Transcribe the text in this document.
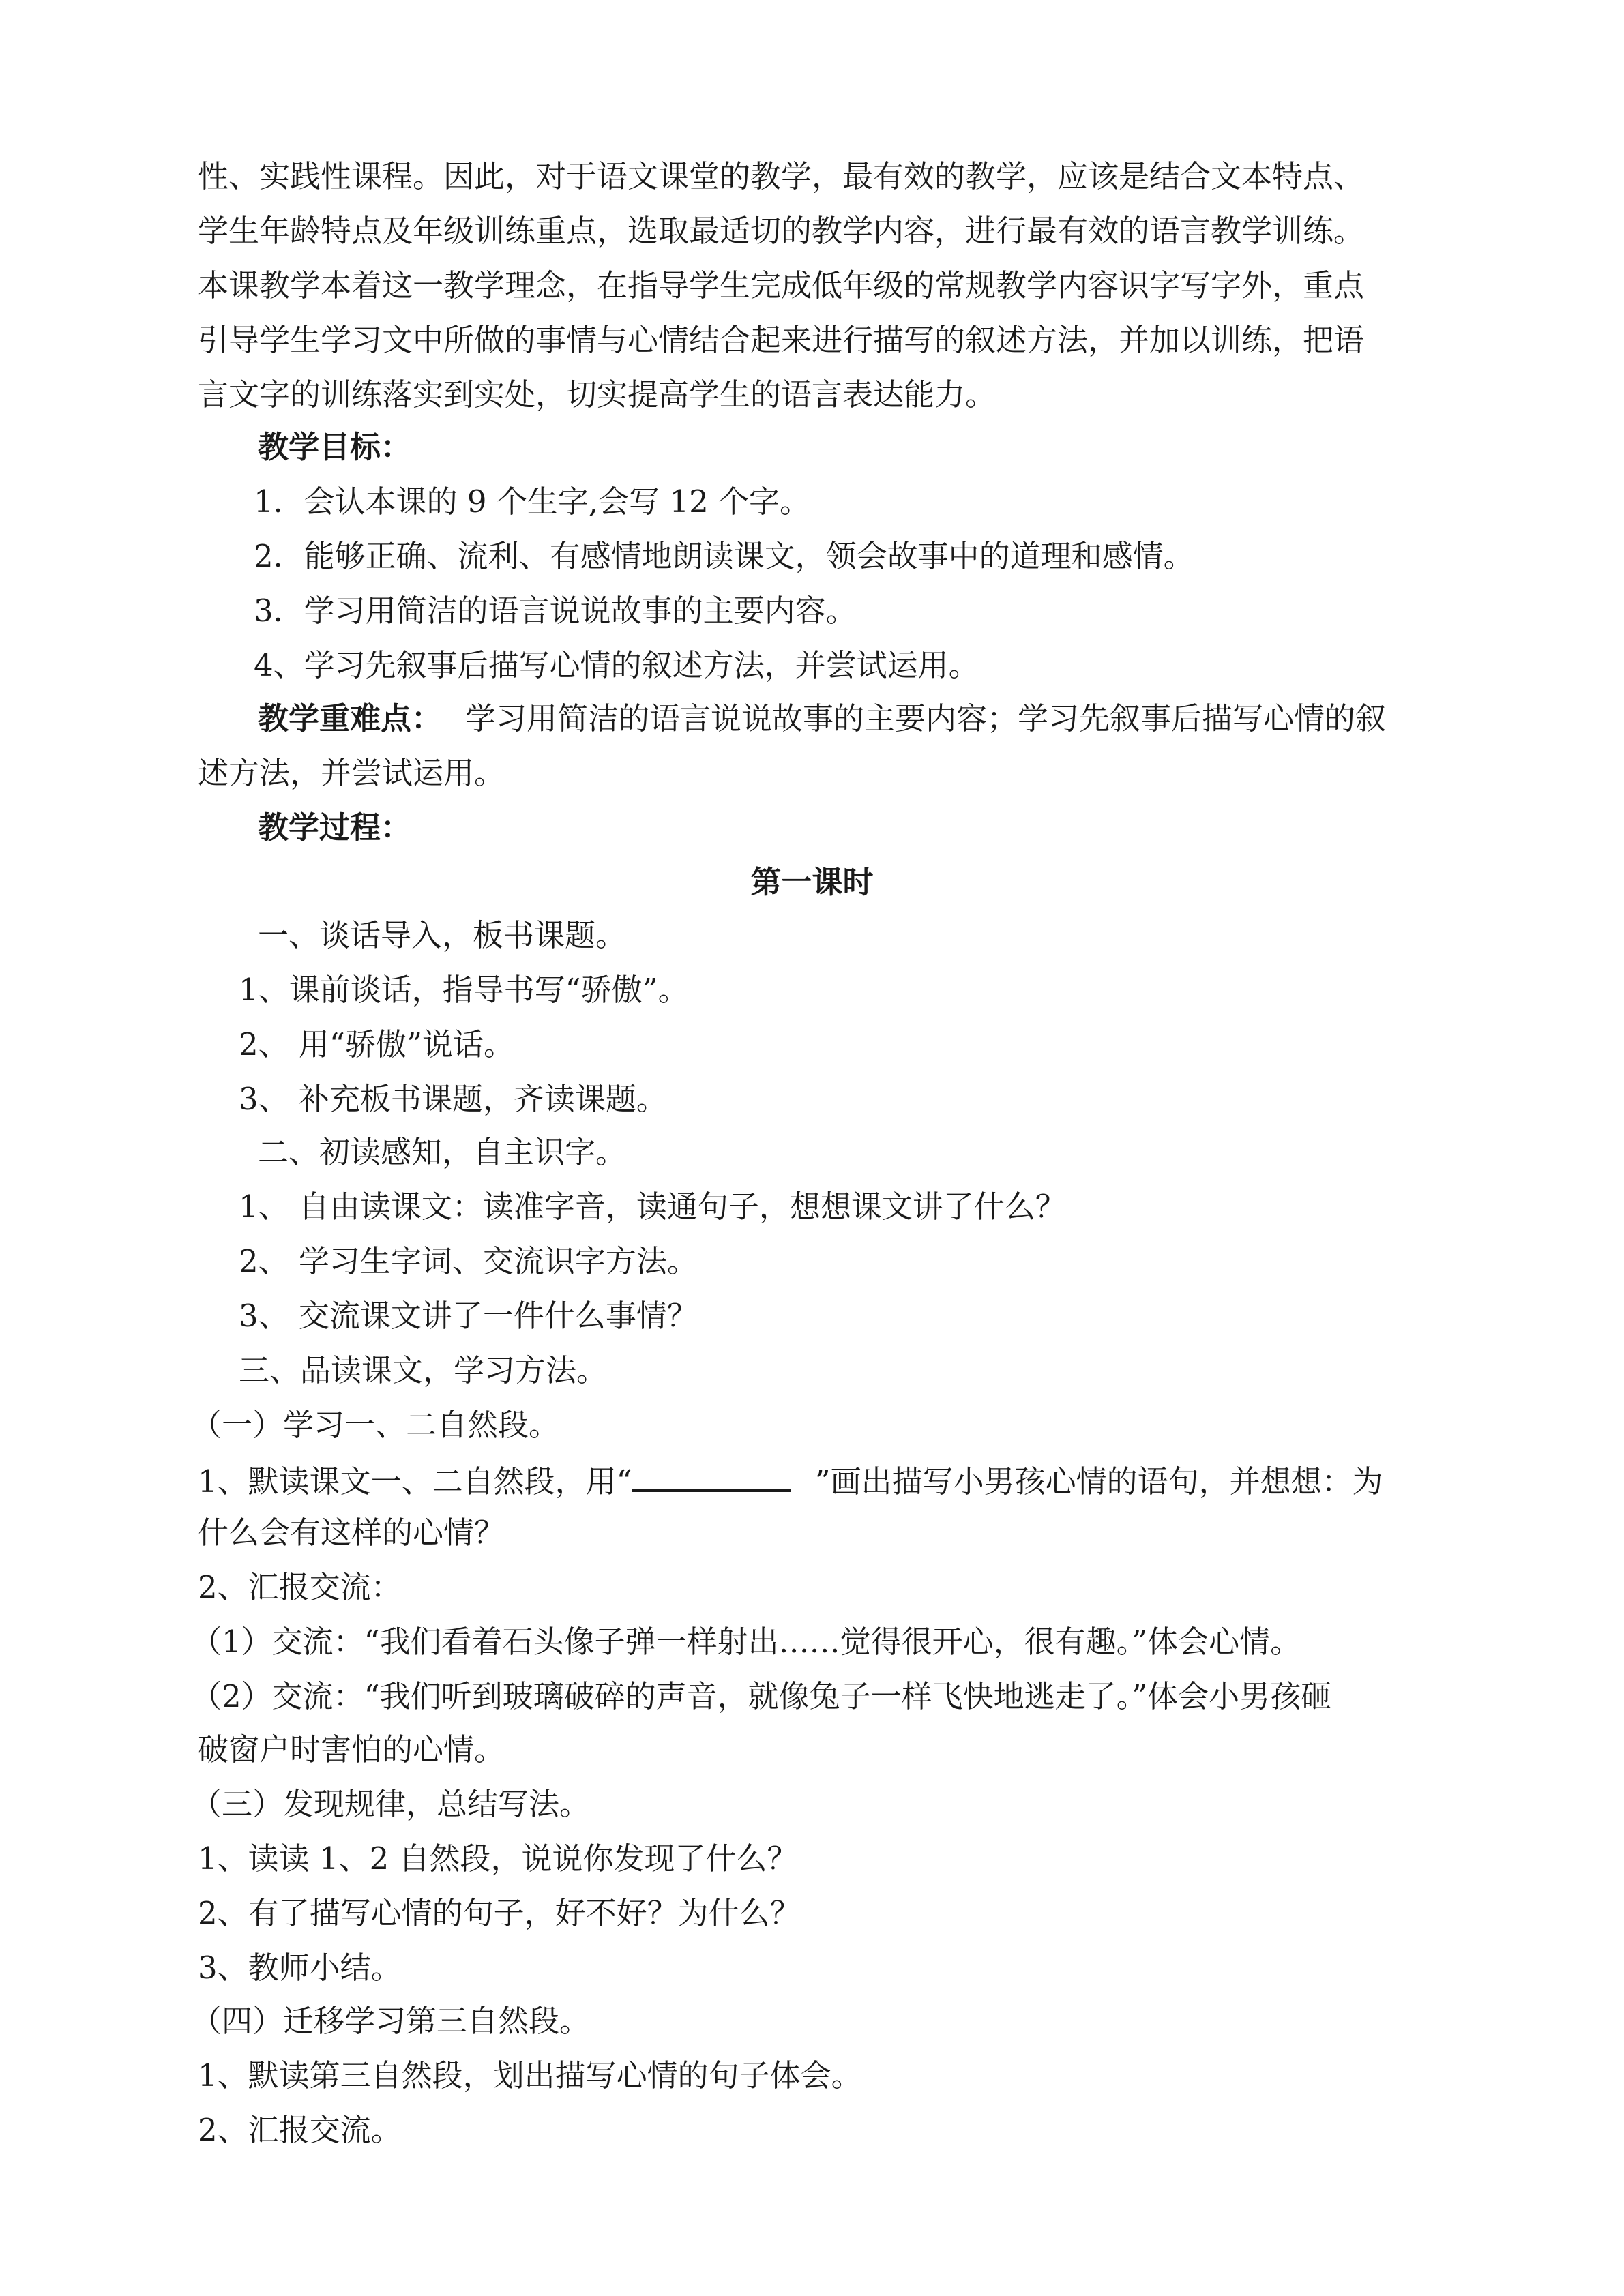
性、实践性课程。因此，对于语文课堂的教学，最有效的教学，应该是结合文本特点、
学生年龄特点及年级训练重点，选取最适切的教学内容，进行最有效的语言教学训练。
本课教学本着这一教学理念，在指导学生完成低年级的常规教学内容识字写字外，重点
引导学生学习文中所做的事情与心情结合起来进行描写的叙述方法，并加以训练，把语
言文字的训练落实到实处，切实提高学生的语言表达能力。
教学目标：
1．会认本课的 9 个生字,会写 12 个字。
2．能够正确、流利、有感情地朗读课文，领会故事中的道理和感情。
3．学习用简洁的语言说说故事的主要内容。
4、学习先叙事后描写心情的叙述方法，并尝试运用。
教学重难点： 学习用简洁的语言说说故事的主要内容；学习先叙事后描写心情的叙
述方法，并尝试运用。
教学过程：
第一课时
一、谈话导入，板书课题。
1、课前谈话，指导书写“骄傲”。
2、 用“骄傲”说话。
3、 补充板书课题，齐读课题。
二、初读感知，自主识字。
1、 自由读课文：读准字音，读通句子，想想课文讲了什么？
2、 学习生字词、交流识字方法。
3、 交流课文讲了一件什么事情？
三、品读课文，学习方法。
（一）学习一、二自然段。
1、默读课文一、二自然段，用“	”画出描写小男孩心情的语句，并想想：为
什么会有这样的心情？
2、汇报交流：
（1）交流：“我们看着石头像子弹一样射出……觉得很开心，很有趣。”体会心情。
（2）交流：“我们听到玻璃破碎的声音，就像兔子一样飞快地逃走了。”体会小男孩砸
破窗户时害怕的心情。
（三）发现规律，总结写法。
1、读读 1、2 自然段，说说你发现了什么？
2、有了描写心情的句子，好不好？为什么？
3、教师小结。
（四）迁移学习第三自然段。
1、默读第三自然段，划出描写心情的句子体会。
2、汇报交流。
